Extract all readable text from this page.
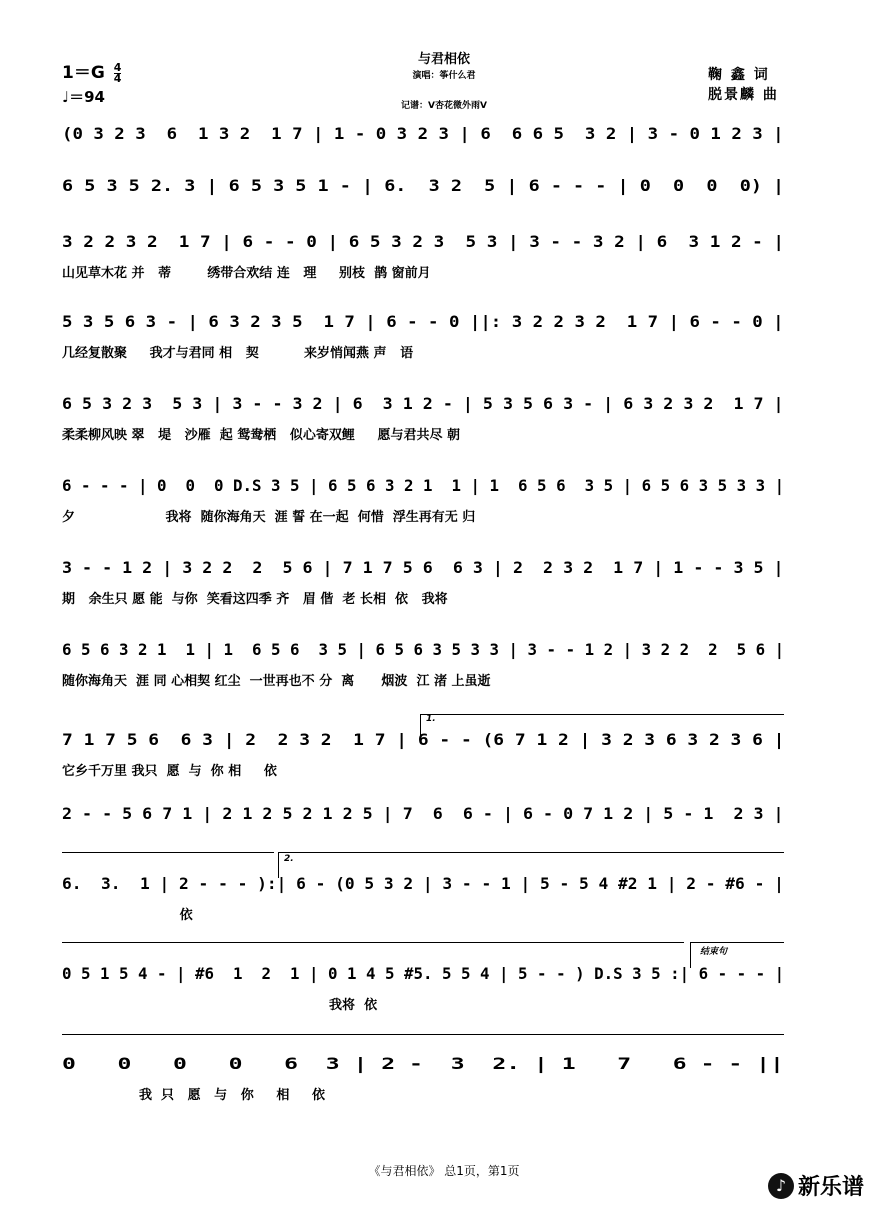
与君相依
演唱：筝什么君
记谱：V杏花微外雨V
$1=G \frac{4}{4}$
♩＝94
鞠 鑫 词
脱景麟 曲
(0 3 2 3  6  1 3 2  1 7 | 1 - 0 3 2 3 | 6  6 6 5  3 2 | 3 - 0 1 2 3 |
6 5 3 5 2. 3 | 6 5 3 5 1 - | 6.  3 2  5 | 6 - - - | 0  0  0  0) |
3 2 2 3 2  1 7 | 6 - - 0 | 6 5 3 2 3  5 3 | 3 - - 3 2 | 6  3 1 2 - |
山见草木花 并   蒂        绣带合欢结 连   理     别枝  鹊 窗前月
5 3 5 6 3 - | 6 3 2 3 5  1 7 | 6 - - 0 ||: 3 2 2 3 2  1 7 | 6 - - 0 |
几经复散聚     我才与君同 相   契          来岁悄闻燕 声   语
6 5 3 2 3  5 3 | 3 - - 3 2 | 6  3 1 2 - | 5 3 5 6 3 - | 6 3 2 3 2  1 7 |
柔柔柳风映 翠   堤   沙雁  起 鸳鸯栖   似心寄双鲤     愿与君共尽 朝
6 - - - | 0  0  0 D.S 3 5 | 6 5 6 3 2 1  1 | 1  6 5 6  3 5 | 6 5 6 3 5 3 3 |
夕                    我将  随你海角天  涯 誓 在一起  何惜  浮生再有无 归
3 - - 1 2 | 3 2 2  2  5 6 | 7 1 7 5 6  6 3 | 2  2 3 2  1 7 | 1 - - 3 5 |
期   余生只 愿 能  与你  笑看这四季 齐   眉 偕  老 长相  依   我将
6 5 6 3 2 1  1 | 1  6 5 6  3 5 | 6 5 6 3 5 3 3 | 3 - - 1 2 | 3 2 2  2  5 6 |
随你海角天  涯 同 心相契 红尘  一世再也不 分  离      烟波  江 渚 上虽逝
1.
7 1 7 5 6  6 3 | 2  2 3 2  1 7 | 6 - - (6 7 1 2 | 3 2 3 6 3 2 3 6 |
它乡千万里 我只  愿  与  你 相     依
2 - - 5 6 7 1 | 2 1 2 5 2 1 2 5 | 7  6  6 - | 6 - 0 7 1 2 | 5 - 1  2 3 |
2.
6.  3.  1 | 2 - - - ):| 6 - (0 5 3 2 | 3 - - 1 | 5 - 5 4 #2 1 | 2 - #6 - |
依
结束句
0 5 1 5 4 - | #6  1  2  1 | 0 1 4 5 #5. 5 5 4 | 5 - - ) D.S 3 5 :| 6 - - - |
我将  依
0   0   0   0   6  3 | 2 -  3  2. | 1   7   6 - - ||
我  只   愿   与   你     相     依
《与君相依》 总1页，第1页
♪ 新乐谱
